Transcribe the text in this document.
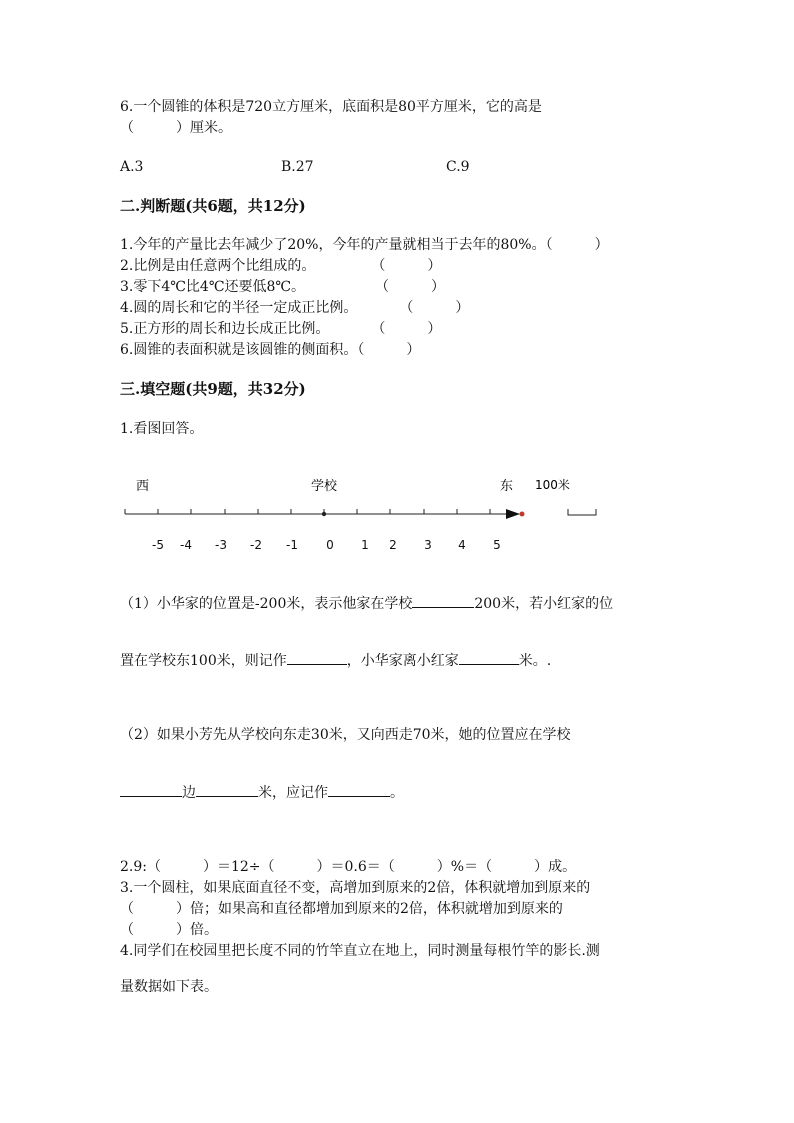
6.一个圆锥的体积是720立方厘米，底面积是80平方厘米，它的高是
（　　　）厘米。
A.3	B.27	C.9
二.判断题(共6题，共12分)
1.今年的产量比去年减少了20%，今年的产量就相当于去年的80%。（　　　）
2.比例是由任意两个比组成的。　　　　　（　　　）
3.零下4℃比4℃还要低8℃。　　　　　　（　　　）
4.圆的周长和它的半径一定成正比例。　　　　（　　　）
5.正方形的周长和边长成正比例。　　　　（　　　）
6.圆锥的表面积就是该圆锥的侧面积。（　　　）
三.填空题(共9题，共32分)
1.看图回答。
西	学校	东 100米
-5 -4 -3 -2 -1 0 1 2 3 4 5
（1）小华家的位置是-200米，表示他家在学校	200米，若小红家的位
置在学校东100米，则记作	，小华家离小红家	米。.
（2）如果小芳先从学校向东走30米，又向西走70米，她的位置应在学校
边	米，应记作	。
2.9:（　　　）＝12÷（　　　）＝0.6＝（　　　）%＝（　　　）成。
3.一个圆柱，如果底面直径不变，高增加到原来的2倍，体积就增加到原来的
（　　　）倍；如果高和直径都增加到原来的2倍，体积就增加到原来的
（　　　）倍。
4.同学们在校园里把长度不同的竹竿直立在地上，同时测量每根竹竿的影长.测
量数据如下表。
